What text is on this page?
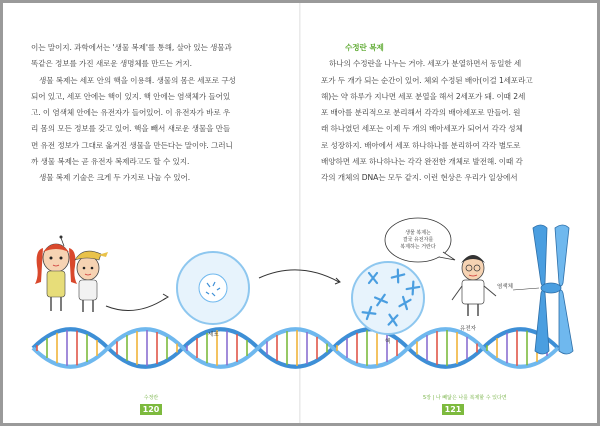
이는 말이지. 과학에서는 '생물 복제'를 통해, 살아 있는 생물과

똑같은 정보를 가진 새로운 생명체를 만드는 거지.

생물 복제는 세포 안의 핵을 이용해. 생물의 몸은 세포로 구성

되어 있고, 세포 안에는 핵이 있지. 핵 안에는 염색체가 들어있

고. 이 염색체 안에는 유전자가 들어있어. 이 유전자가 바로 우

리 몸의 모든 정보를 갖고 있어. 핵을 빼서 새로운 생물을 만들

면 유전 정보가 그대로 옮겨진 생물을 만든다는 말이야. 그러니

까 생물 복제는 곧 유전자 복제라고도 할 수 있지.

생물 복제 기술은 크게 두 가지로 나눌 수 있어.

수정란 복제

하나의 수정란을 나누는 거야. 세포가 분열하면서 동일한 세

포가 두 개가 되는 순간이 있어. 체외 수정된 배아(이걸 1세포라고

해)는 약 하루가 지나면 세포 분열을 해서 2세포가 돼. 이때 2세

포 배아를 분리적으로 분리해서 각각의 배아세포로 만들어. 원

래 하나였던 세포는 이제 두 개의 배아세포가 되어서 각각 성체

로 성장하지. 배아에서 세포 하나하나를 분리하여 각각 별도로

배양하면 세포 하나하나는 각각 완전한 개체로 발전해. 이때 각

각의 개체의 DNA는 모두 같지. 이런 현상은 우리가 일상에서

세포
핵
유전자
생물 복제는
결국 유전자를
복제하는 거란다
염색체
수정란
120
5장 | 나 빼닮은 나를 복제할 수 있다면
121
